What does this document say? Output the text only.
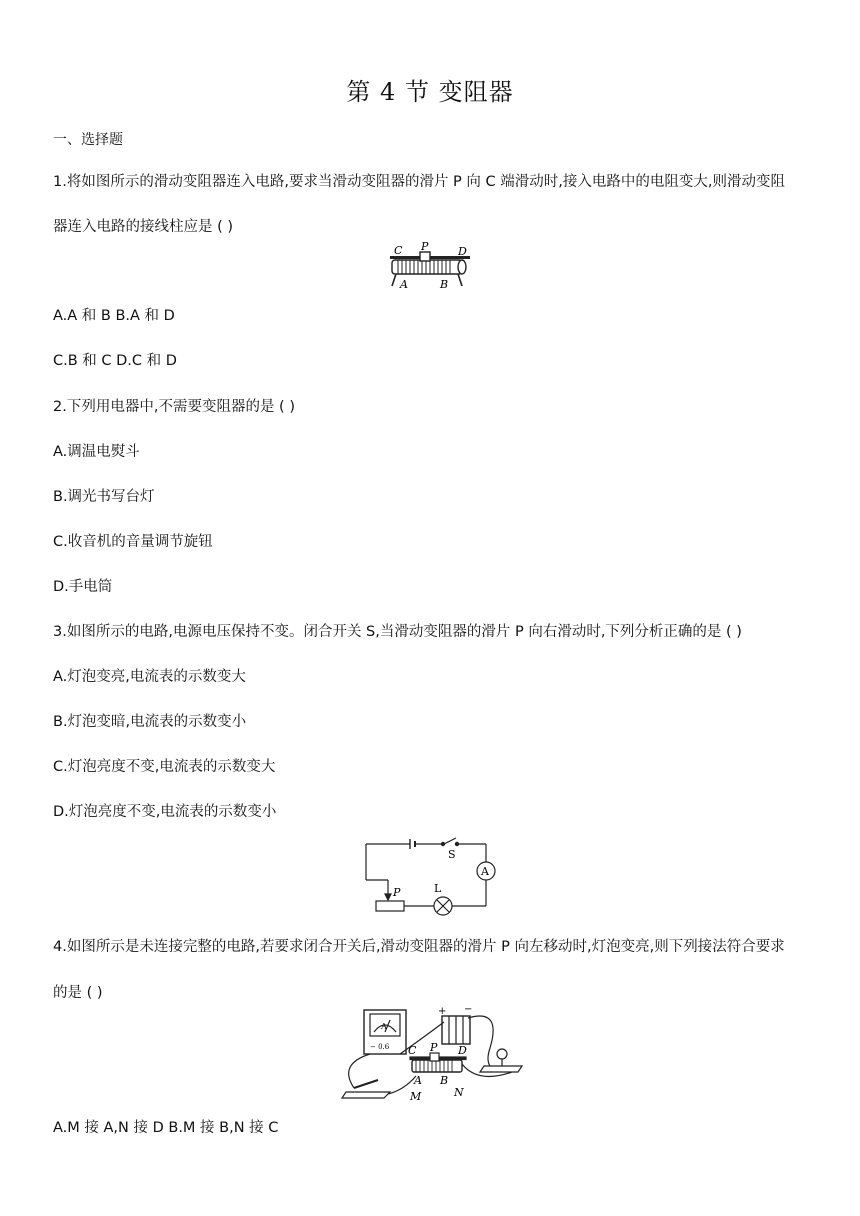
第 4 节 变阻器
一、选择题
1.将如图所示的滑动变阻器连入电路,要求当滑动变阻器的滑片 P 向 C 端滑动时,接入电路中的电阻变大,则滑动变阻
器连入电路的接线柱应是 ( )
C P	D
A	B
A.A 和 B B.A 和 D
C.B 和 C D.C 和 D
2.下列用电器中,不需要变阻器的是 ( )
A.调温电熨斗
B.调光书写台灯
C.收音机的音量调节旋钮
D.手电筒
3.如图所示的电路,电源电压保持不变。闭合开关 S,当滑动变阻器的滑片 P 向右滑动时,下列分析正确的是 ( )
A.灯泡变亮,电流表的示数变大
B.灯泡变暗,电流表的示数变小
C.灯泡亮度不变,电流表的示数变大
D.灯泡亮度不变,电流表的示数变小
A
S
P	L
4.如图所示是未连接完整的电路,若要求闭合开关后,滑动变阻器的滑片 P 向左移动时,灯泡变亮,则下列接法符合要求
的是 ( )
C P D
A B
M	N
+ −
A
− 0.6
A.M 接 A,N 接 D B.M 接 B,N 接 C
